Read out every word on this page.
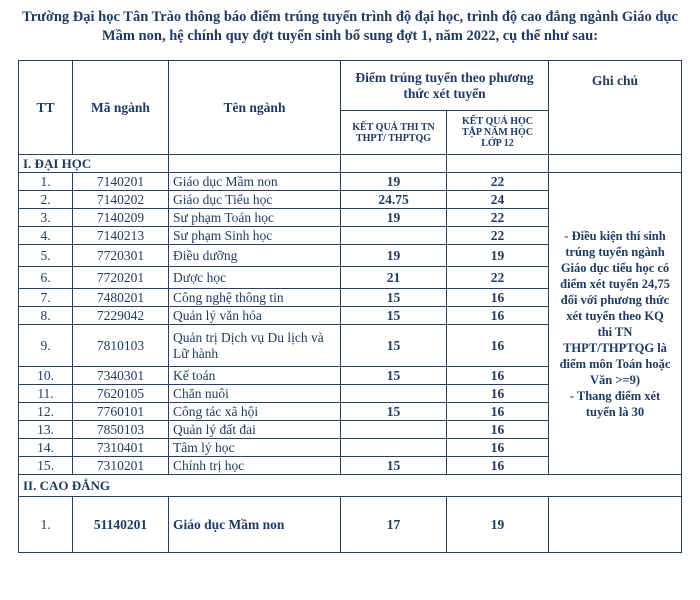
Trường Đại học Tân Trào thông báo điểm trúng tuyển trình độ đại học, trình độ cao đẳng ngành Giáo dục Mầm non, hệ chính quy đợt tuyển sinh bổ sung đợt 1, năm 2022, cụ thể như sau:
TT	Mã ngành	Tên ngành	Điểm trúng tuyển theo phương thức xét tuyển		Ghi chú
			KẾT QUẢ THI TN THPT/ THPTQG	KẾT QUẢ HỌC TẬP NĂM HỌC LỚP 12	
I. ĐẠI HỌC					
1.	7140201	Giáo dục Mầm non	19	22	- Điều kiện thí sinh trúng tuyển ngành Giáo dục tiểu học có điểm xét tuyển 24,75 đối với phương thức xét tuyển theo KQ thi TN THPT/THPTQG là điểm môn Toán hoặc Văn >=9)
- Thang điểm xét tuyển là 30

2.	7140202	Giáo dục Tiểu học	24.75	24	
3.	7140209	Sư phạm Toán học	19	22	
4.	7140213	Sư phạm Sinh học		22	
5.	7720301	Điều dưỡng	19	19	
6.	7720201	Dược học	21	22	
7.	7480201	Công nghệ thông tin	15	16	
8.	7229042	Quản lý văn hóa	15	16	
9.	7810103	Quản trị Dịch vụ Du lịch và Lữ hành	15	16	
10.	7340301	Kế toán	15	16	
11.	7620105	Chăn nuôi		16	
12.	7760101	Công tác xã hội	15	16	
13.	7850103	Quản lý đất đai		16	
14.	7310401	Tâm lý học		16	
15.	7310201	Chính trị học	15	16	
II. CAO ĐẲNG					
1.	51140201	Giáo dục Mầm non	17	19	
